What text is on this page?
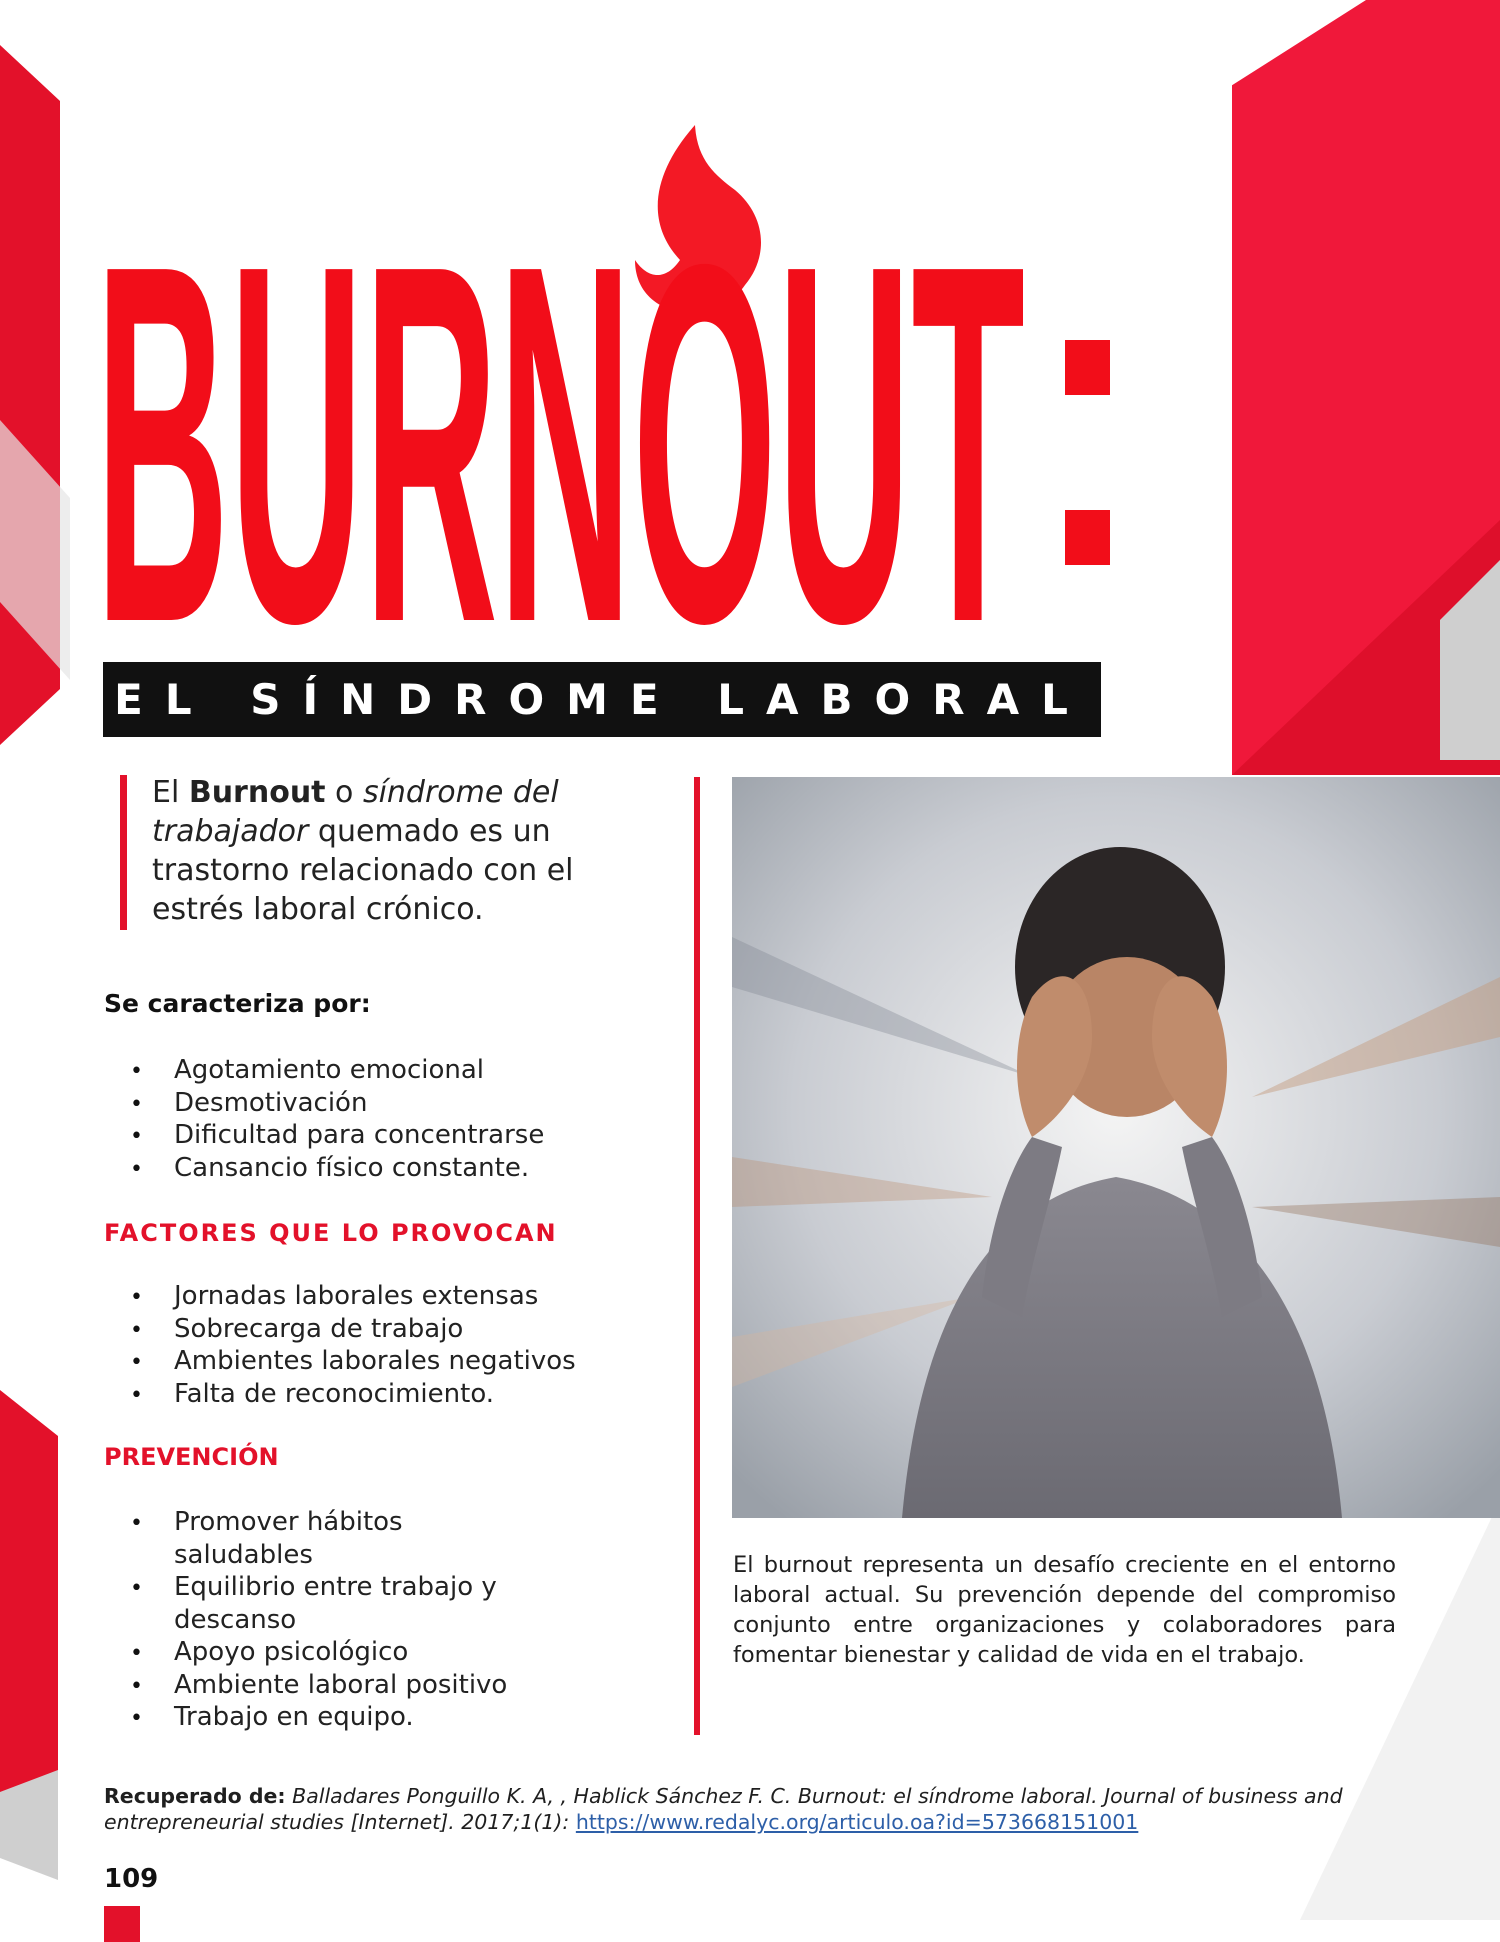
BURNOUT
EL SÍNDROME LABORAL
El Burnout o síndrome del trabajador quemado es un trastorno relacionado con el estrés laboral crónico.
Se caracteriza por:
• Agotamiento emocional
• Desmotivación
• Dificultad para concentrarse
• Cansancio físico constante.
FACTORES QUE LO PROVOCAN
• Jornadas laborales extensas
• Sobrecarga de trabajo
• Ambientes laborales negativos
• Falta de reconocimiento.
PREVENCIÓN
• Promover hábitos saludables
• Equilibrio entre trabajo y descanso
• Apoyo psicológico
• Ambiente laboral positivo
• Trabajo en equipo.
El burnout representa un desafío creciente en el entorno laboral actual. Su prevención depende del compromiso conjunto entre organizaciones y colaboradores para fomentar bienestar y calidad de vida en el trabajo.
Recuperado de: Balladares Ponguillo K. A, , Hablick Sánchez F. C. Burnout: el síndrome laboral. Journal of business and entrepreneurial studies [Internet]. 2017;1(1): https://www.redalyc.org/articulo.oa?id=573668151001
109
